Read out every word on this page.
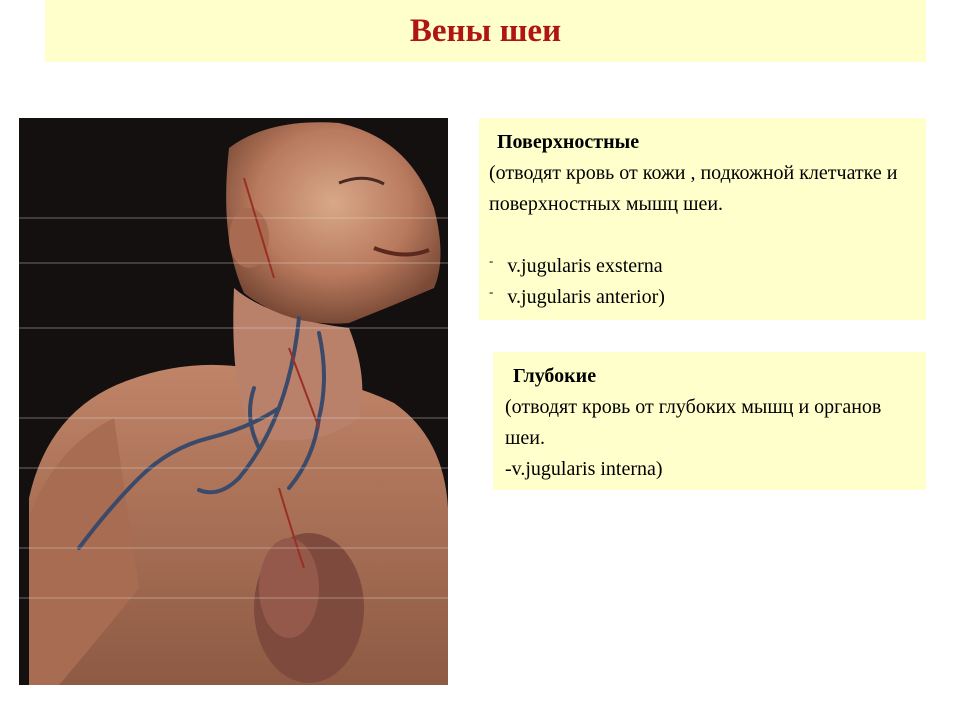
Вены шеи
Поверхностные
(отводят кровь от кожи , подкожной клетчатке и поверхностных мышц шеи.
- v.jugularis exsterna
- v.jugularis anterior)
Глубокие
(отводят кровь от глубоких мышц и органов шеи.
-v.jugularis interna)
